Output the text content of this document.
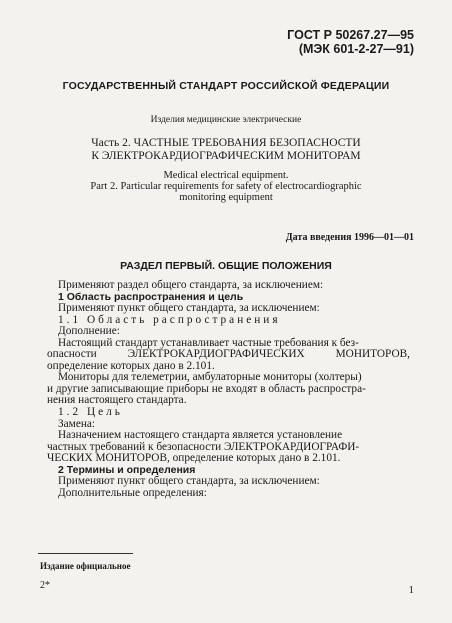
ГОСТ Р 50267.27—95
(МЭК 601-2-27—91)
ГОСУДАРСТВЕННЫЙ СТАНДАРТ РОССИЙСКОЙ ФЕДЕРАЦИИ
Изделия медицинские электрические
Часть 2. ЧАСТНЫЕ ТРЕБОВАНИЯ БЕЗОПАСНОСТИ
К ЭЛЕКТРОКАРДИОГРАФИЧЕСКИМ МОНИТОРАМ
Medical electrical equipment.
Part 2. Particular requirements for safety of electrocardiographic
monitoring equipment
Дата введения 1996—01—01
РАЗДЕЛ ПЕРВЫЙ. ОБЩИЕ ПОЛОЖЕНИЯ

Применяют раздел общего стандарта, за исключением:

1 Область распространения и цель

Применяют пункт общего стандарта, за исключением:

1.1 Область распространения

Дополнение:

Настоящий стандарт устанавливает частные требования к без-

опасности ЭЛЕКТРОКАРДИОГРАФИЧЕСКИХ МОНИТОРОВ,

определение которых дано в 2.101.

Мониторы для телеметрии, амбулаторные мониторы (холтеры)

и другие записывающие приборы не входят в область распростра-

нения настоящего стандарта.

1.2 Цель

Замена:

Назначением настоящего стандарта является установление

частных требований к безопасности ЭЛЕКТРОКАРДИОГРАФИ-

ЧЕСКИХ МОНИТОРОВ, определение которых дано в 2.101.

2 Термины и определения

Применяют пункт общего стандарта, за исключением:

Дополнительные определения:

Издание официальное
2*	1
